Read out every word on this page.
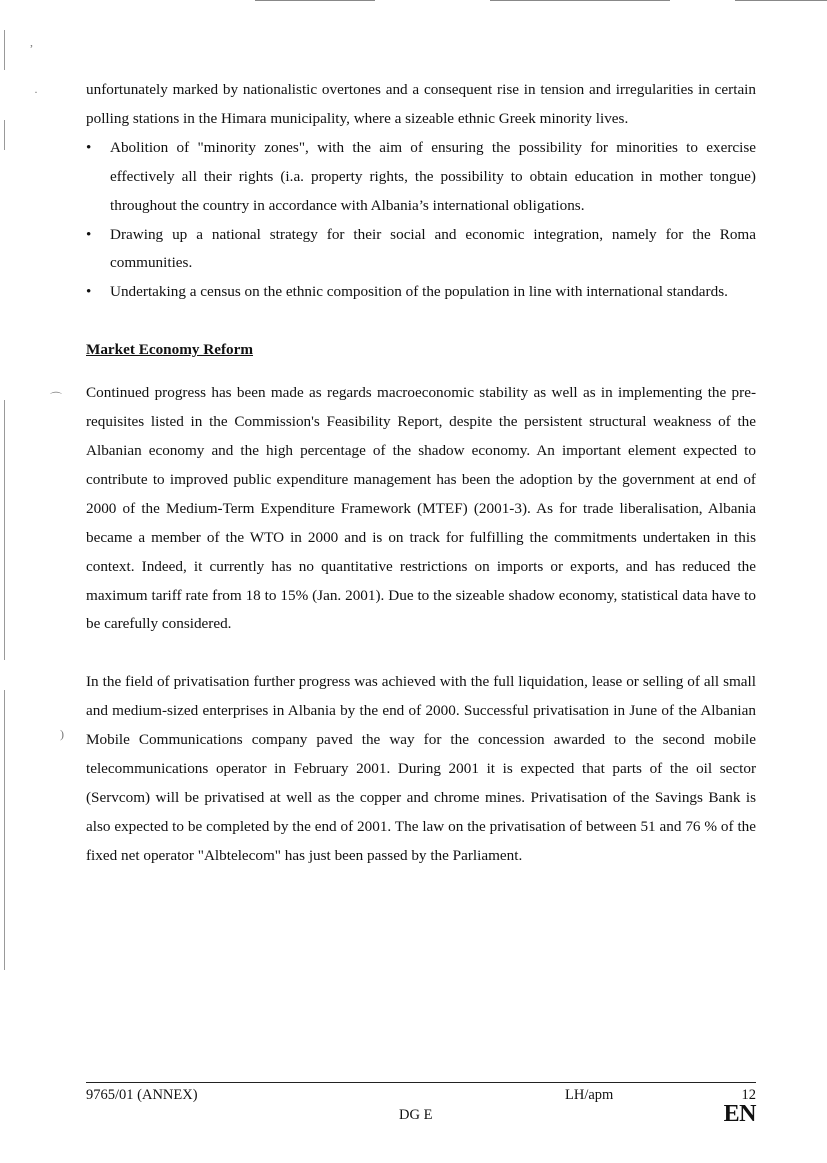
,
·
⌒
)

unfortunately marked by nationalistic overtones and a consequent rise in tension and irregularities in certain polling stations in the Himara municipality, where a sizeable ethnic Greek minority lives.

•	Abolition of "minority zones", with the aim of ensuring the possibility for minorities to exercise effectively all their rights (i.a. property rights, the possibility to obtain education in mother tongue) throughout the country in accordance with Albania’s international obligations.
•	Drawing up a national strategy for their social and economic integration, namely for the Roma communities.
•	Undertaking a census on the ethnic composition of the population in line with international standards.
Market Economy Reform

Continued progress has been made as regards macroeconomic stability as well as in implementing the pre-requisites listed in the Commission's Feasibility Report, despite the persistent structural weakness of the Albanian economy and the high percentage of the shadow economy. An important element expected to contribute to improved public expenditure management has been the adoption by the government at end of 2000 of the Medium-Term Expenditure Framework (MTEF) (2001-3). As for trade liberalisation, Albania became a member of the WTO in 2000 and is on track for fulfilling the commitments undertaken in this context. Indeed, it currently has no quantitative restrictions on imports or exports, and has reduced the maximum tariff rate from 18 to 15% (Jan. 2001). Due to the sizeable shadow economy, statistical data have to be carefully considered.

In the field of privatisation further progress was achieved with the full liquidation, lease or selling of all small and medium-sized enterprises in Albania by the end of 2000. Successful privatisation in June of the Albanian Mobile Communications company paved the way for the concession awarded to the second mobile telecommunications operator in February 2001. During 2001 it is expected that parts of the oil sector (Servcom) will be privatised at well as the copper and chrome mines. Privatisation of the Savings Bank is also expected to be completed by the end of 2001. The law on the privatisation of between 51 and 76 % of the fixed net operator "Albtelecom" has just been passed by the Parliament.

9765/01 (ANNEX)	LH/apm	12
DG E	EN
